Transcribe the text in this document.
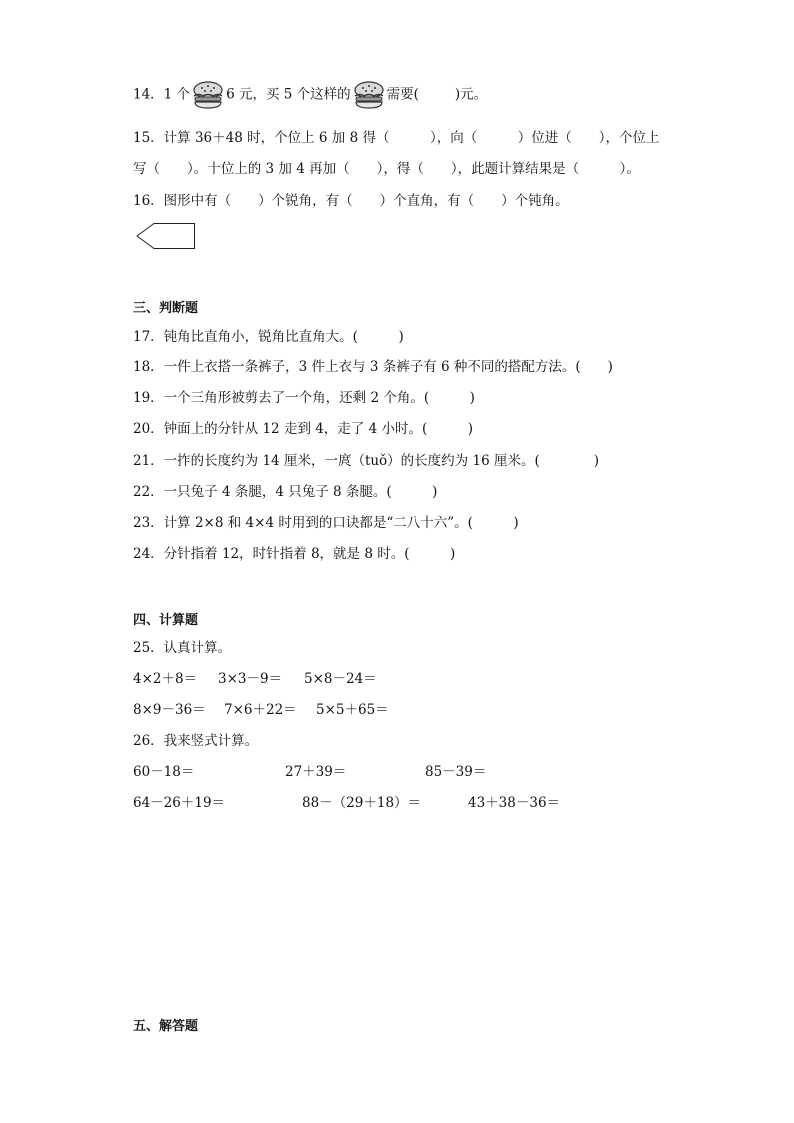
14．1 个	6 元，买 5 个这样的	需要(	)元。
15．计算 36＋48 时，个位上 6 加 8 得（　　　），向（　　　）位进（　　），个位上
写（　　）。十位上的 3 加 4 再加（　　），得（　　），此题计算结果是（　　　）。
16．图形中有（　　）个锐角，有（　　）个直角，有（　　）个钝角。
三、判断题
17．钝角比直角小，锐角比直角大。(　　　)
18．一件上衣搭一条裤子，3 件上衣与 3 条裤子有 6 种不同的搭配方法。(　　)
19．一个三角形被剪去了一个角，还剩 2 个角。(　　　)
20．钟面上的分针从 12 走到 4，走了 4 小时。(　　　)
21．一拃的长度约为 14 厘米，一庹（tuǒ）的长度约为 16 厘米。(　　　　)
22．一只兔子 4 条腿，4 只兔子 8 条腿。(　　　)
23．计算 2×8 和 4×4 时用到的口诀都是“二八十六”。(　　　)
24．分针指着 12，时针指着 8，就是 8 时。(　　　)
四、计算题
25．认真计算。
4×2＋8＝ 3×3－9＝ 5×8－24＝
8×9－36＝ 7×6＋22＝ 5×5＋65＝
26．我来竖式计算。
60－18＝	27＋39＝	85－39＝
64－26＋19＝	88－（29＋18）＝	43＋38－36＝
五、解答题
